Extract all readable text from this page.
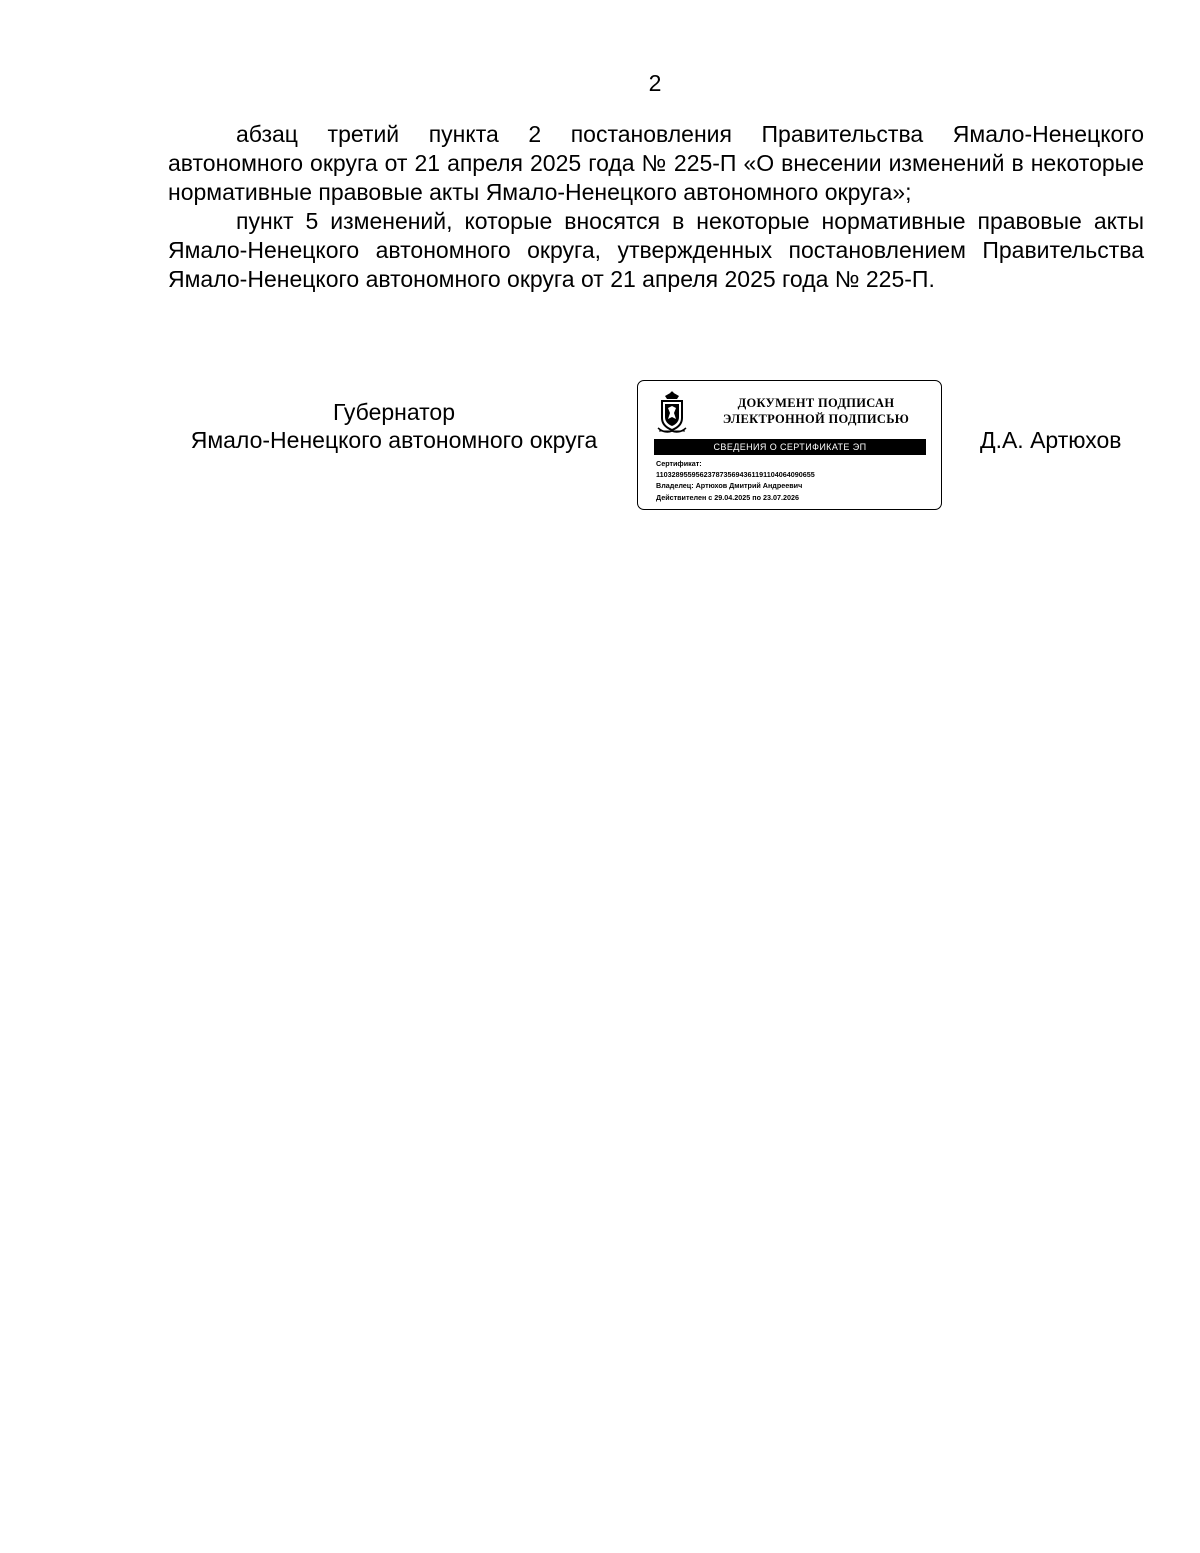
2

абзац третий пункта 2 постановления Правительства Ямало-Ненецкого автономного округа от 21 апреля 2025 года № 225-П «О внесении изменений в некоторые нормативные правовые акты Ямало-Ненецкого автономного округа»;

пункт 5 изменений, которые вносятся в некоторые нормативные правовые акты Ямало-Ненецкого автономного округа, утвержденных постановлением Правительства Ямало-Ненецкого автономного округа от 21 апреля 2025 года № 225-П.

Губернатор
Ямало-Ненецкого автономного округа
ДОКУМЕНТ ПОДПИСАН
ЭЛЕКТРОННОЙ ПОДПИСЬЮ
СВЕДЕНИЯ О СЕРТИФИКАТЕ ЭП
Сертификат:
1103289559562378735694361191104064090655
Владелец: Артюхов Дмитрий Андреевич
Действителен с 29.04.2025 по 23.07.2026
Д.А. Артюхов
